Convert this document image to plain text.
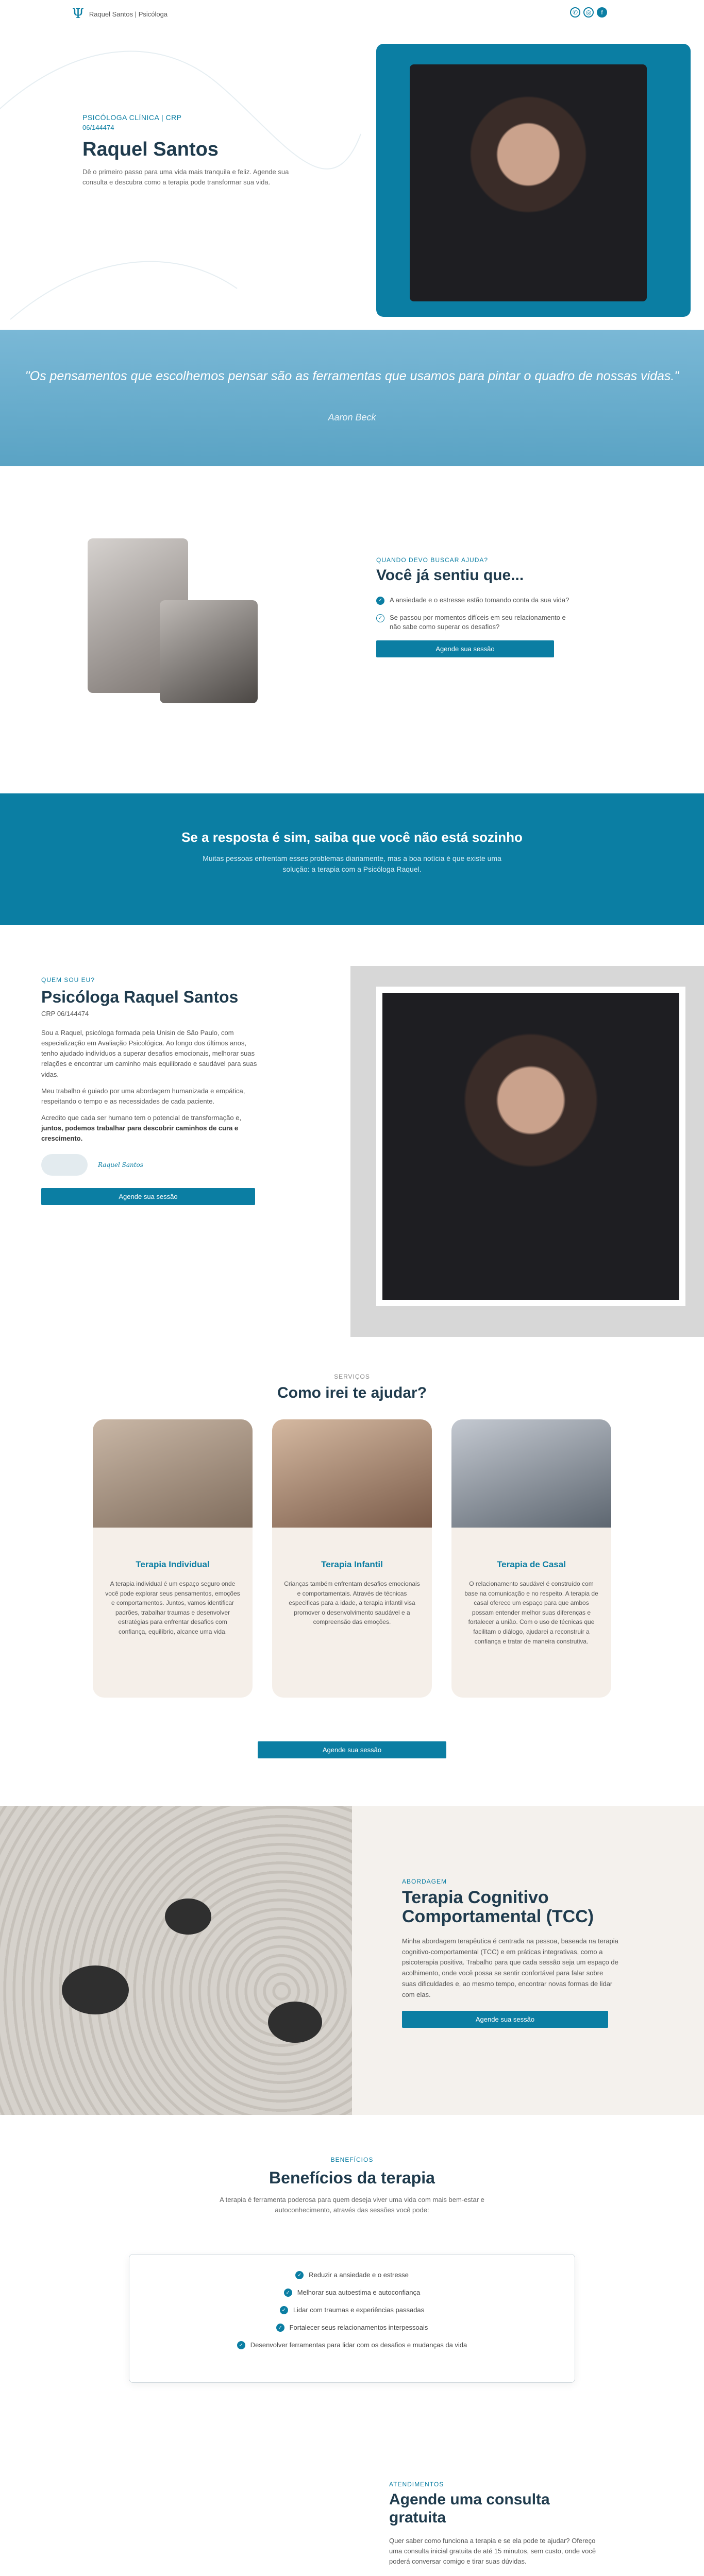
Ψ Raquel Santos | Psicóloga	✆	◎	f
PSICÓLOGA CLÍNICA | CRP
06/144474
Raquel Santos

Dê o primeiro passo para uma vida mais tranquila e feliz. Agende sua consulta e descubra como a terapia pode transformar sua vida.

"Os pensamentos que escolhemos pensar são as ferramentas que usamos para pintar o quadro de nossas vidas."
Aaron Beck
QUANDO DEVO BUSCAR AJUDA?
Você já sentiu que...
✓ A ansiedade e o estresse estão tomando conta da sua vida?
✓ Se passou por momentos difíceis em seu relacionamento e não sabe como superar os desafios?
Agende sua sessão
Se a resposta é sim, saiba que você não está sozinho
Muitas pessoas enfrentam esses problemas diariamente, mas a boa notícia é que existe uma solução: a terapia com a Psicóloga Raquel.
QUEM SOU EU?
Psicóloga Raquel Santos
CRP 06/144474

Sou a Raquel, psicóloga formada pela Unisin de São Paulo, com especialização em Avaliação Psicológica. Ao longo dos últimos anos, tenho ajudado indivíduos a superar desafios emocionais, melhorar suas relações e encontrar um caminho mais equilibrado e saudável para suas vidas.

Meu trabalho é guiado por uma abordagem humanizada e empática, respeitando o tempo e as necessidades de cada paciente.

Acredito que cada ser humano tem o potencial de transformação e, juntos, podemos trabalhar para descobrir caminhos de cura e crescimento.

Raquel Santos
Agende sua sessão
SERVIÇOS
Como irei te ajudar?
Terapia Individual

A terapia individual é um espaço seguro onde você pode explorar seus pensamentos, emoções e comportamentos. Juntos, vamos identificar padrões, trabalhar traumas e desenvolver estratégias para enfrentar desafios com confiança, equilíbrio, alcance uma vida.

Terapia Infantil

Crianças também enfrentam desafios emocionais e comportamentais. Através de técnicas especificas para a idade, a terapia infantil visa promover o desenvolvimento saudável e a compreensão das emoções.

Terapia de Casal

O relacionamento saudável é construído com base na comunicação e no respeito. A terapia de casal oferece um espaço para que ambos possam entender melhor suas diferenças e fortalecer a união. Com o uso de técnicas que facilitam o diálogo, ajudarei a reconstruir a confiança e tratar de maneira construtiva.

Agende sua sessão
ABORDAGEM
Terapia Cognitivo Comportamental (TCC)

Minha abordagem terapêutica é centrada na pessoa, baseada na terapia cognitivo-comportamental (TCC) e em práticas integrativas, como a psicoterapia positiva. Trabalho para que cada sessão seja um espaço de acolhimento, onde você possa se sentir confortável para falar sobre suas dificuldades e, ao mesmo tempo, encontrar novas formas de lidar com elas.

Agende sua sessão
BENEFÍCIOS
Benefícios da terapia

A terapia é ferramenta poderosa para quem deseja viver uma vida com mais bem-estar e autoconhecimento, através das sessões você pode:

✓ Reduzir a ansiedade e o estresse
✓ Melhorar sua autoestima e autoconfiança
✓ Lidar com traumas e experiências passadas
✓ Fortalecer seus relacionamentos interpessoais
✓ Desenvolver ferramentas para lidar com os desafios e mudanças da vida
ATENDIMENTOS
Agende uma consulta gratuita

Quer saber como funciona a terapia e se ela pode te ajudar? Ofereço uma consulta inicial gratuita de até 15 minutos, sem custo, onde você poderá conversar comigo e tirar suas dúvidas.
